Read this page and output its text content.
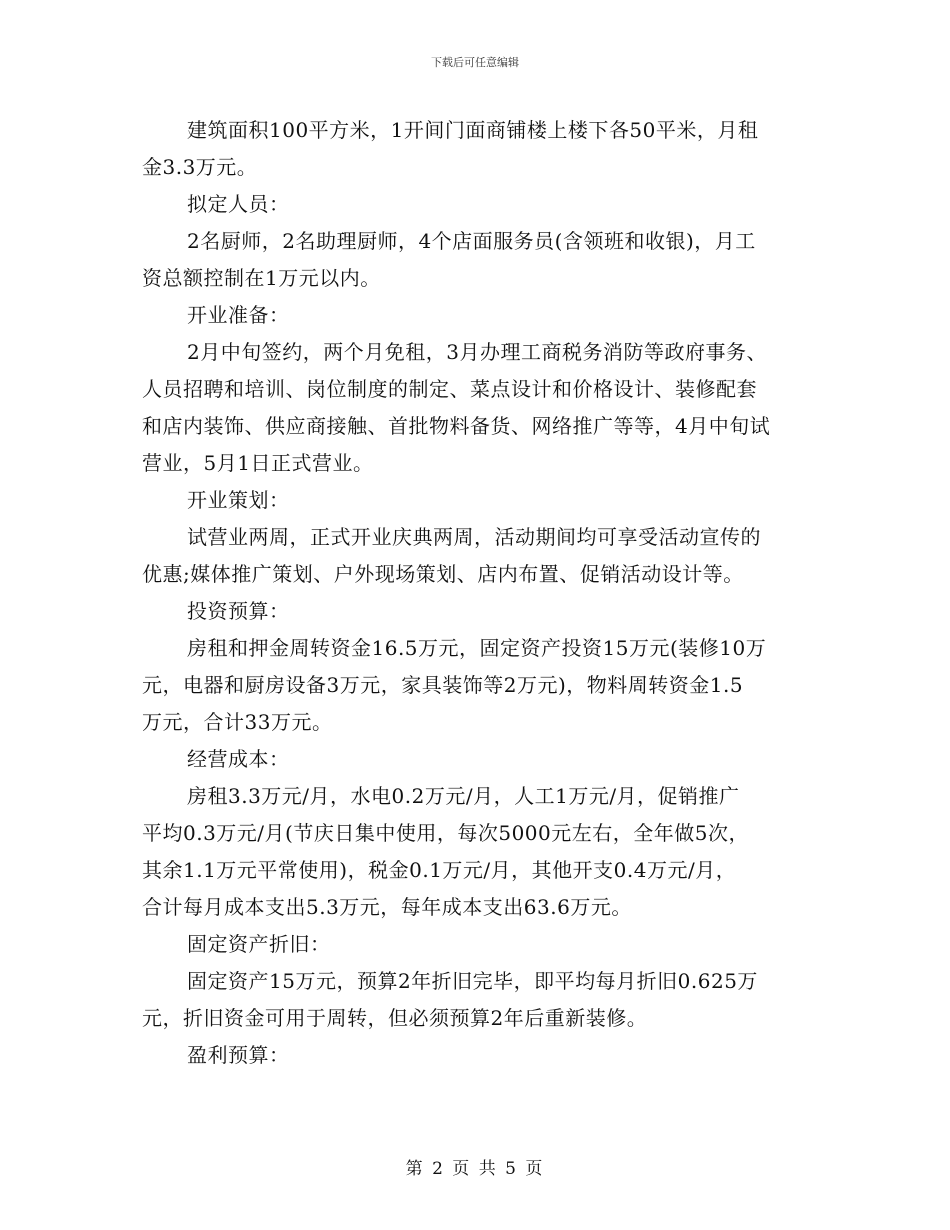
下载后可任意编辑
建筑面积100平方米，1开间门面商铺楼上楼下各50平米，月租
金3.3万元。
拟定人员：
2名厨师，2名助理厨师，4个店面服务员(含领班和收银)，月工
资总额控制在1万元以内。
开业准备：
2月中旬签约，两个月免租，3月办理工商税务消防等政府事务、
人员招聘和培训、岗位制度的制定、菜点设计和价格设计、装修配套
和店内装饰、供应商接触、首批物料备货、网络推广等等，4月中旬试
营业，5月1日正式营业。
开业策划：
试营业两周，正式开业庆典两周，活动期间均可享受活动宣传的
优惠;媒体推广策划、户外现场策划、店内布置、促销活动设计等。
投资预算：
房租和押金周转资金16.5万元，固定资产投资15万元(装修10万
元，电器和厨房设备3万元，家具装饰等2万元)，物料周转资金1.5
万元，合计33万元。
经营成本：
房租3.3万元/月，水电0.2万元/月，人工1万元/月，促销推广
平均0.3万元/月(节庆日集中使用，每次5000元左右，全年做5次，
其余1.1万元平常使用)，税金0.1万元/月，其他开支0.4万元/月，
合计每月成本支出5.3万元，每年成本支出63.6万元。
固定资产折旧：
固定资产15万元，预算2年折旧完毕，即平均每月折旧0.625万
元，折旧资金可用于周转，但必须预算2年后重新装修。
盈利预算：
第 2 页 共 5 页
